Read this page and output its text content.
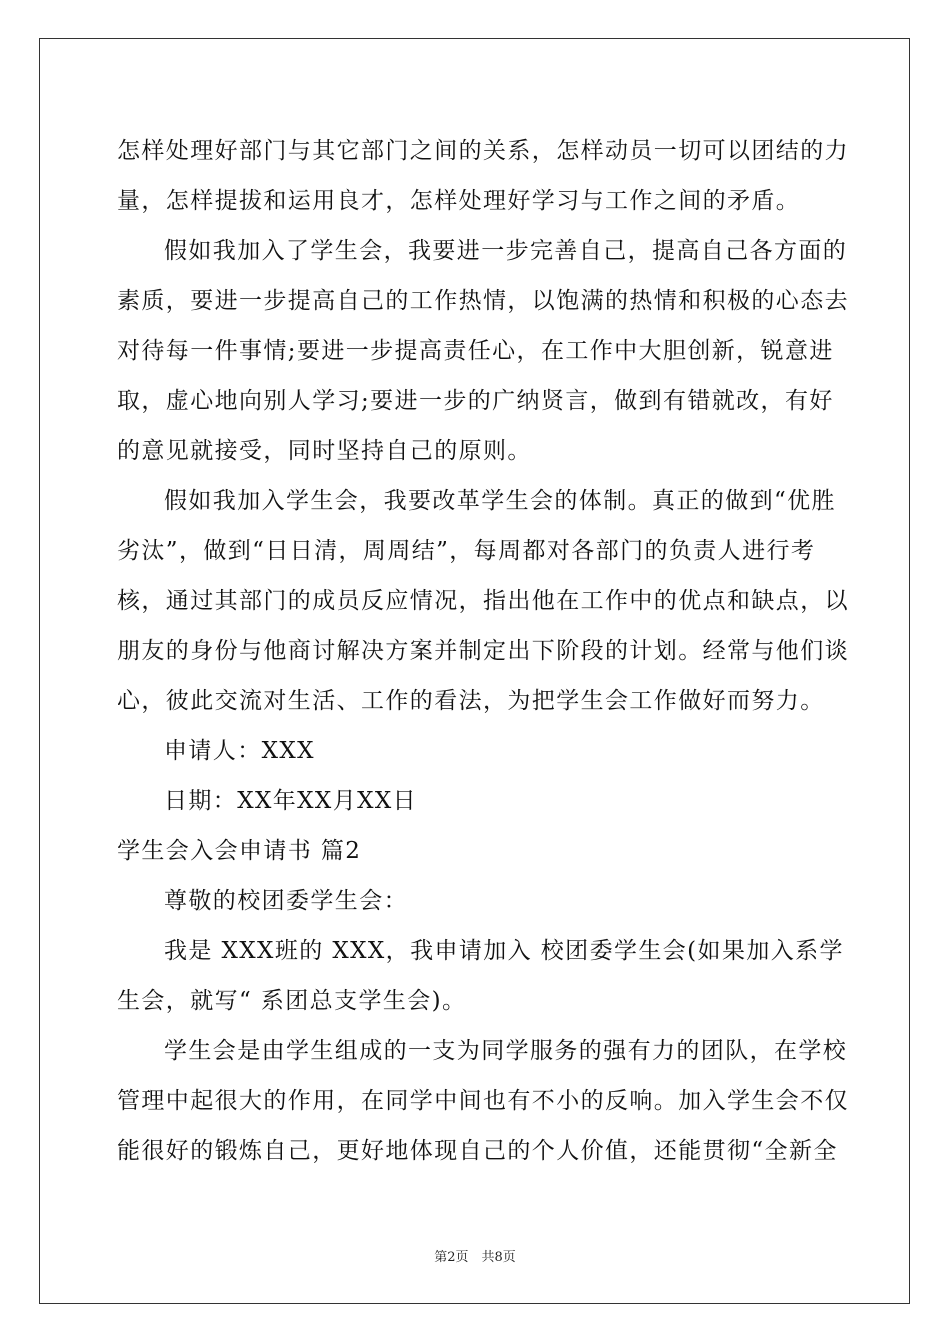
怎样处理好部门与其它部门之间的关系，怎样动员一切可以团结的力
量，怎样提拔和运用良才，怎样处理好学习与工作之间的矛盾。
假如我加入了学生会，我要进一步完善自己，提高自己各方面的
素质，要进一步提高自己的工作热情，以饱满的热情和积极的心态去
对待每一件事情;要进一步提高责任心，在工作中大胆创新，锐意进
取，虚心地向别人学习;要进一步的广纳贤言，做到有错就改，有好
的意见就接受，同时坚持自己的原则。
假如我加入学生会，我要改革学生会的体制。真正的做到“优胜
劣汰”，做到“日日清，周周结”，每周都对各部门的负责人进行考
核，通过其部门的成员反应情况，指出他在工作中的优点和缺点，以
朋友的身份与他商讨解决方案并制定出下阶段的计划。经常与他们谈
心，彼此交流对生活、工作的看法，为把学生会工作做好而努力。
申请人：XXX
日期：XX年XX月XX日
学生会入会申请书 篇2
尊敬的校团委学生会：
我是 XXX班的 XXX，我申请加入 校团委学生会(如果加入系学
生会，就写“ 系团总支学生会)。
学生会是由学生组成的一支为同学服务的强有力的团队，在学校
管理中起很大的作用，在同学中间也有不小的反响。加入学生会不仅
能很好的锻炼自己，更好地体现自己的个人价值，还能贯彻“全新全
第2页　共8页
